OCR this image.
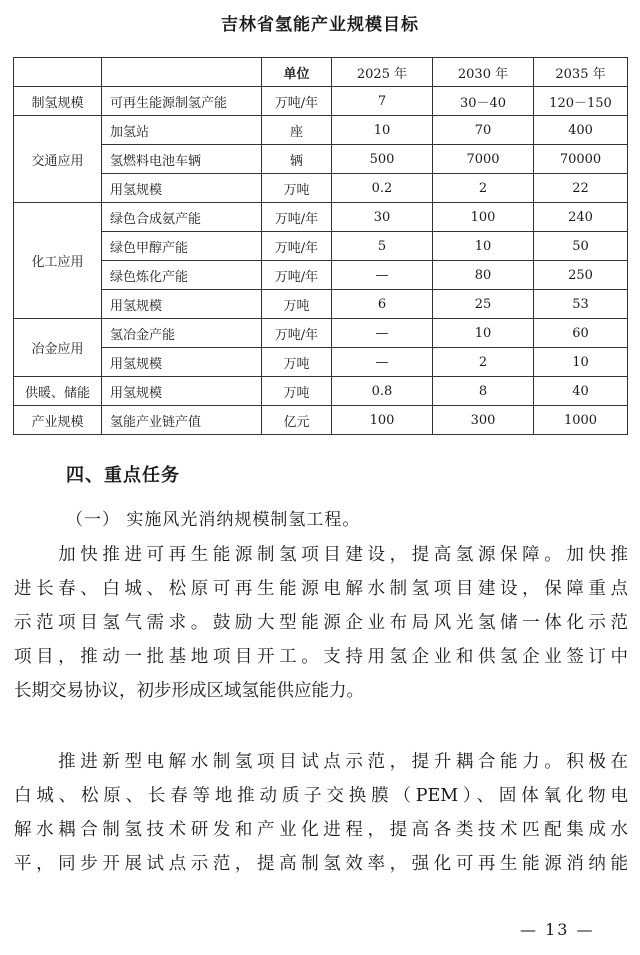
吉林省氢能产业规模目标
		单位	2025 年	2030 年	2035 年
制氢规模	可再生能源制氢产能	万吨/年	7	30－40	120－150
交通应用	加氢站	座	10	70	400
	氢燃料电池车辆	辆	500	7000	70000
	用氢规模	万吨	0.2	2	22
化工应用	绿色合成氨产能	万吨/年	30	100	240
	绿色甲醇产能	万吨/年	5	10	50
	绿色炼化产能	万吨/年	—	80	250
	用氢规模	万吨	6	25	53
冶金应用	氢冶金产能	万吨/年	—	10	60
	用氢规模	万吨	—	2	10
供暖、储能	用氢规模	万吨	0.8	8	40
产业规模	氢能产业链产值	亿元	100	300	1000
四、重点任务
（一） 实施风光消纳规模制氢工程。
　　加快推进可再生能源制氢项目建设，提高氢源保障。加快推
进长春、白城、松原可再生能源电解水制氢项目建设，保障重点
示范项目氢气需求。鼓励大型能源企业布局风光氢储一体化示范
项目，推动一批基地项目开工。支持用氢企业和供氢企业签订中
长期交易协议，初步形成区域氢能供应能力。
　　推进新型电解水制氢项目试点示范，提升耦合能力。积极在
白城、松原、长春等地推动质子交换膜（PEM）、固体氧化物电
解水耦合制氢技术研发和产业化进程，提高各类技术匹配集成水
平，同步开展试点示范，提高制氢效率，强化可再生能源消纳能
— 13 —
